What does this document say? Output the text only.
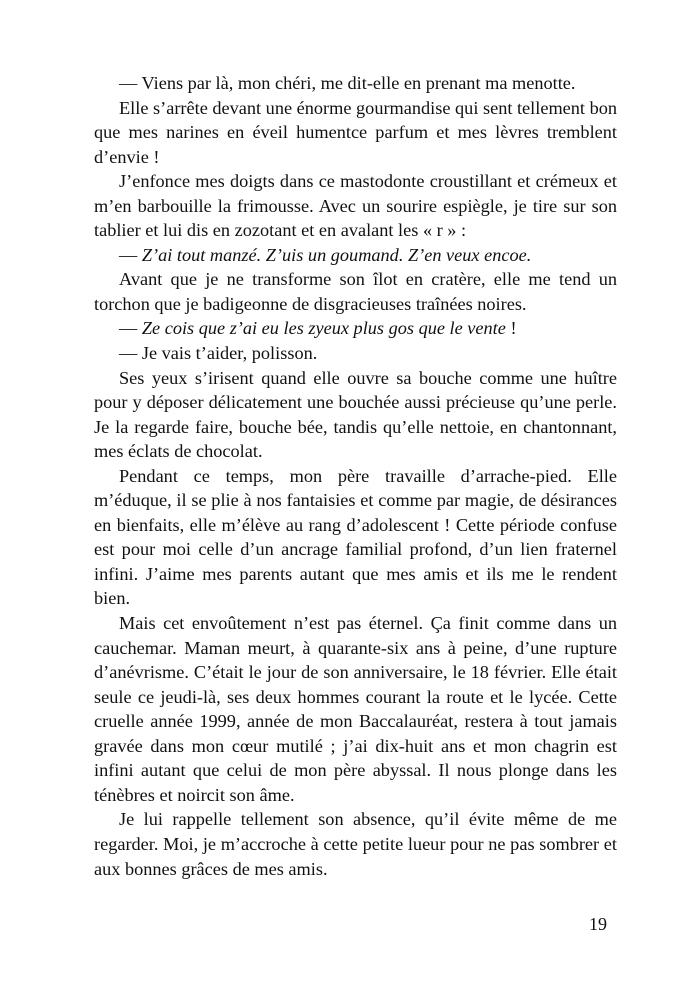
— Viens par là, mon chéri, me dit-elle en prenant ma menotte.

Elle s’arrête devant une énorme gourmandise qui sent tellement bon que mes narines en éveil humentce parfum et mes lèvres tremblent d’envie !

J’enfonce mes doigts dans ce mastodonte croustillant et crémeux et m’en barbouille la frimousse. Avec un sourire espiègle, je tire sur son tablier et lui dis en zozotant et en avalant les « r » :

— Z’ai tout manzé. Z’uis un goumand. Z’en veux encoe.

Avant que je ne transforme son îlot en cratère, elle me tend un torchon que je badigeonne de disgracieuses traînées noires.

— Ze cois que z’ai eu les zyeux plus gos que le vente !

— Je vais t’aider, polisson.

Ses yeux s’irisent quand elle ouvre sa bouche comme une huître pour y déposer délicatement une bouchée aussi précieuse qu’une perle. Je la regarde faire, bouche bée, tandis qu’elle nettoie, en chantonnant, mes éclats de chocolat.

Pendant ce temps, mon père travaille d’arrache-pied. Elle m’éduque, il se plie à nos fantaisies et comme par magie, de désirances en bienfaits, elle m’élève au rang d’adolescent ! Cette période confuse est pour moi celle d’un ancrage familial profond, d’un lien fraternel infini. J’aime mes parents autant que mes amis et ils me le rendent bien.

Mais cet envoûtement n’est pas éternel. Ça finit comme dans un cauchemar. Maman meurt, à quarante-six ans à peine, d’une rupture d’anévrisme. C’était le jour de son anniversaire, le 18 février. Elle était seule ce jeudi-là, ses deux hommes courant la route et le lycée. Cette cruelle année 1999, année de mon Baccalauréat, restera à tout jamais gravée dans mon cœur mutilé ; j’ai dix-huit ans et mon chagrin est infini autant que celui de mon père abyssal. Il nous plonge dans les ténèbres et noircit son âme.

Je lui rappelle tellement son absence, qu’il évite même de me regarder. Moi, je m’accroche à cette petite lueur pour ne pas sombrer et aux bonnes grâces de mes amis.

19
